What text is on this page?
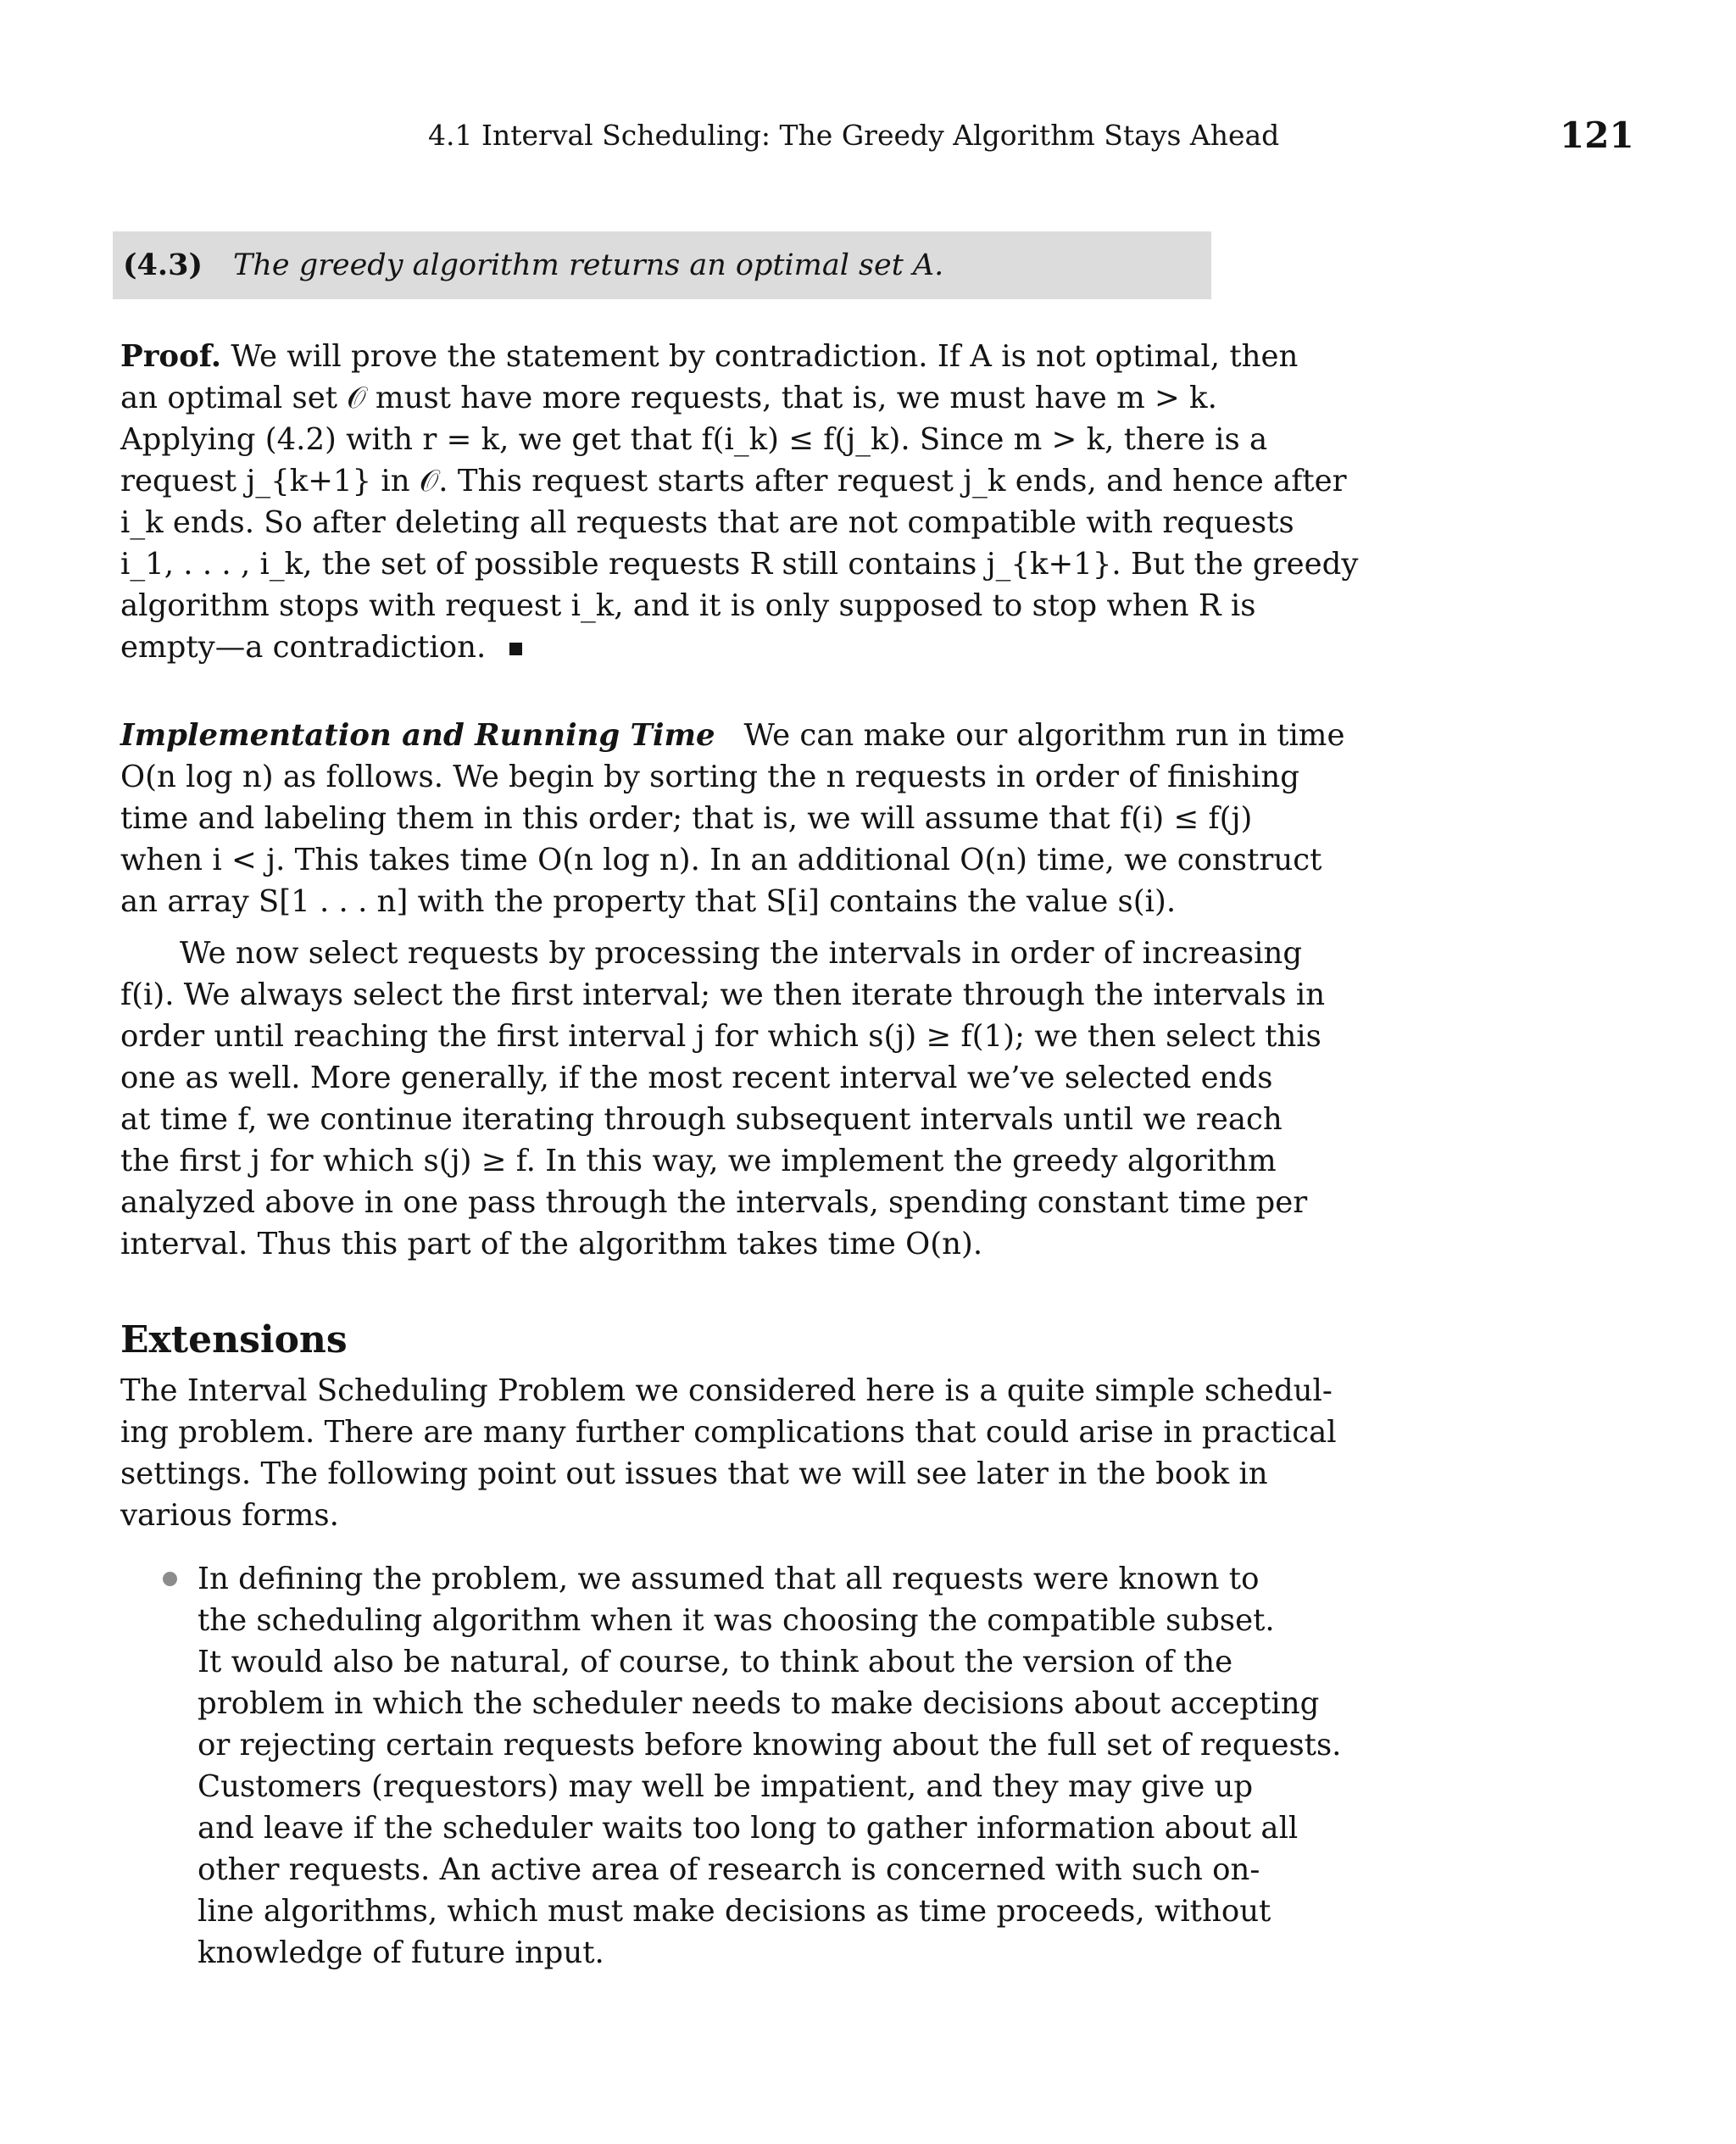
4.1 Interval Scheduling: The Greedy Algorithm Stays Ahead	121
(4.3) The greedy algorithm returns an optimal set A.
Proof. We will prove the statement by contradiction. If A is not optimal, then
an optimal set 𝒪 must have more requests, that is, we must have m > k.
Applying (4.2) with r = k, we get that f(i_k) ≤ f(j_k). Since m > k, there is a
request j_{k+1} in 𝒪. This request starts after request j_k ends, and hence after
i_k ends. So after deleting all requests that are not compatible with requests
i_1, . . . , i_k, the set of possible requests R still contains j_{k+1}. But the greedy
algorithm stops with request i_k, and it is only supposed to stop when R is
empty—a contradiction.
Implementation and Running Time We can make our algorithm run in time
O(n log n) as follows. We begin by sorting the n requests in order of finishing
time and labeling them in this order; that is, we will assume that f(i) ≤ f(j)
when i < j. This takes time O(n log n). In an additional O(n) time, we construct
an array S[1 . . . n] with the property that S[i] contains the value s(i).
We now select requests by processing the intervals in order of increasing
f(i). We always select the first interval; we then iterate through the intervals in
order until reaching the first interval j for which s(j) ≥ f(1); we then select this
one as well. More generally, if the most recent interval we’ve selected ends
at time f, we continue iterating through subsequent intervals until we reach
the first j for which s(j) ≥ f. In this way, we implement the greedy algorithm
analyzed above in one pass through the intervals, spending constant time per
interval. Thus this part of the algorithm takes time O(n).
Extensions
The Interval Scheduling Problem we considered here is a quite simple schedul-
ing problem. There are many further complications that could arise in practical
settings. The following point out issues that we will see later in the book in
various forms.
In defining the problem, we assumed that all requests were known to
the scheduling algorithm when it was choosing the compatible subset.
It would also be natural, of course, to think about the version of the
problem in which the scheduler needs to make decisions about accepting
or rejecting certain requests before knowing about the full set of requests.
Customers (requestors) may well be impatient, and they may give up
and leave if the scheduler waits too long to gather information about all
other requests. An active area of research is concerned with such on-
line algorithms, which must make decisions as time proceeds, without
knowledge of future input.
